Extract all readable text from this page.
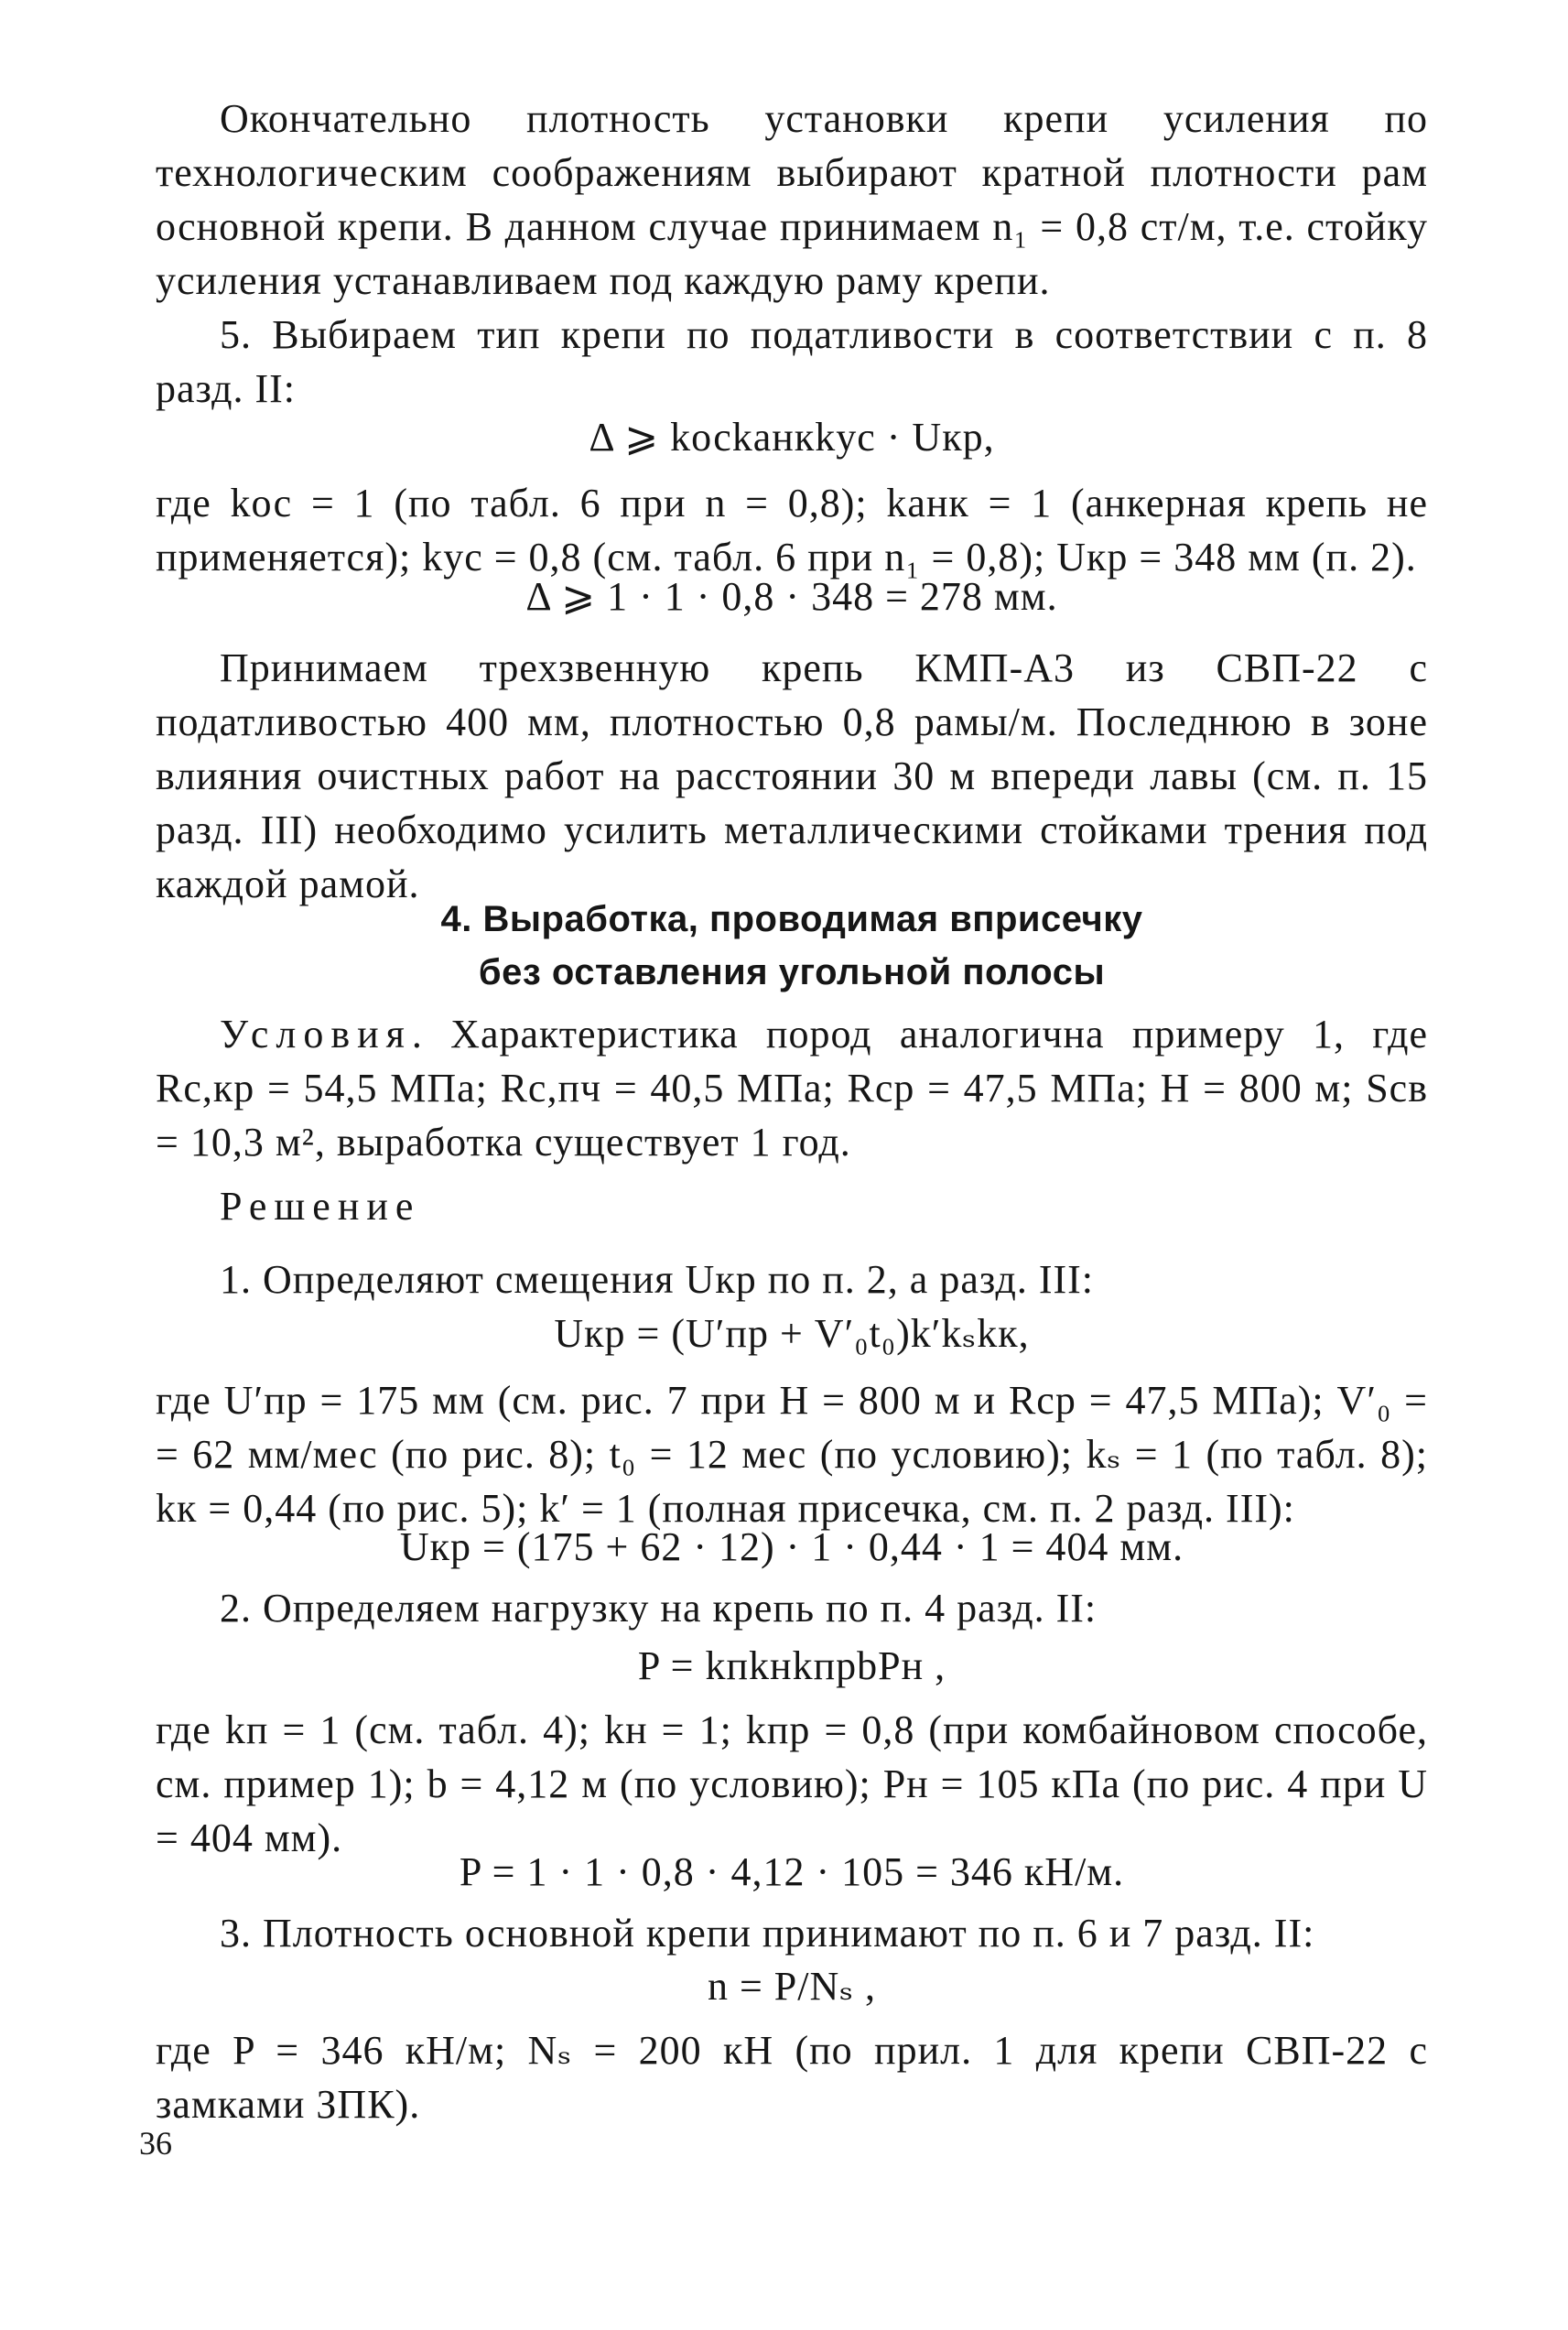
Окончательно плотность установки крепи усиления по технологическим соображениям выбирают кратной плотности рам основной крепи. В данном случае принимаем n₁ = 0,8 ст/м, т.е. стойку усиления устанавливаем под каждую раму крепи.

5. Выбираем тип крепи по податливости в соответствии с п. 8 разд. II:

Δ ⩾ kосkанкkус · Uкр,

где kос = 1 (по табл. 6 при n = 0,8); kанк = 1 (анкерная крепь не применяется); kус = 0,8 (см. табл. 6 при n₁ = 0,8); Uкр = 348 мм (п. 2).

Δ ⩾ 1 · 1 · 0,8 · 348 = 278 мм.

Принимаем трехзвенную крепь КМП-А3 из СВП-22 с податливостью 400 мм, плотностью 0,8 рамы/м. Последнюю в зоне влияния очистных работ на расстоянии 30 м впереди лавы (см. п. 15 разд. III) необходимо усилить металлическими стойками трения под каждой рамой.

4. Выработка, проводимая вприсечку
без оставления угольной полосы

Условия. Характеристика пород аналогична примеру 1, где Rс,кр = 54,5 МПа; Rс,пч = 40,5 МПа; Rср = 47,5 МПа; H = 800 м; Sсв = 10,3 м², выработка существует 1 год.

Решение

1. Определяют смещения Uкр по п. 2, а разд. III:

Uкр = (U′пр + V′₀t₀)k′kₛkк,

где U′пр = 175 мм (см. рис. 7 при H = 800 м и Rср = 47,5 МПа); V′₀ = = 62 мм/мес (по рис. 8); t₀ = 12 мес (по условию); kₛ = 1 (по табл. 8); kк = 0,44 (по рис. 5); k′ = 1 (полная присечка, см. п. 2 разд. III):

Uкр = (175 + 62 · 12) · 1 · 0,44 · 1 = 404 мм.

2. Определяем нагрузку на крепь по п. 4 разд. II:

P = kпkнkпрbPн ,

где kп = 1 (см. табл. 4); kн = 1; kпр = 0,8 (при комбайновом способе, см. пример 1); b = 4,12 м (по условию); Pн = 105 кПа (по рис. 4 при U = 404 мм).

P = 1 · 1 · 0,8 · 4,12 · 105 = 346 кН/м.

3. Плотность основной крепи принимают по п. 6 и 7 разд. II:

n = P/Nₛ ,

где P = 346 кН/м; Nₛ = 200 кН (по прил. 1 для крепи СВП-22 с замками ЗПК).

36
